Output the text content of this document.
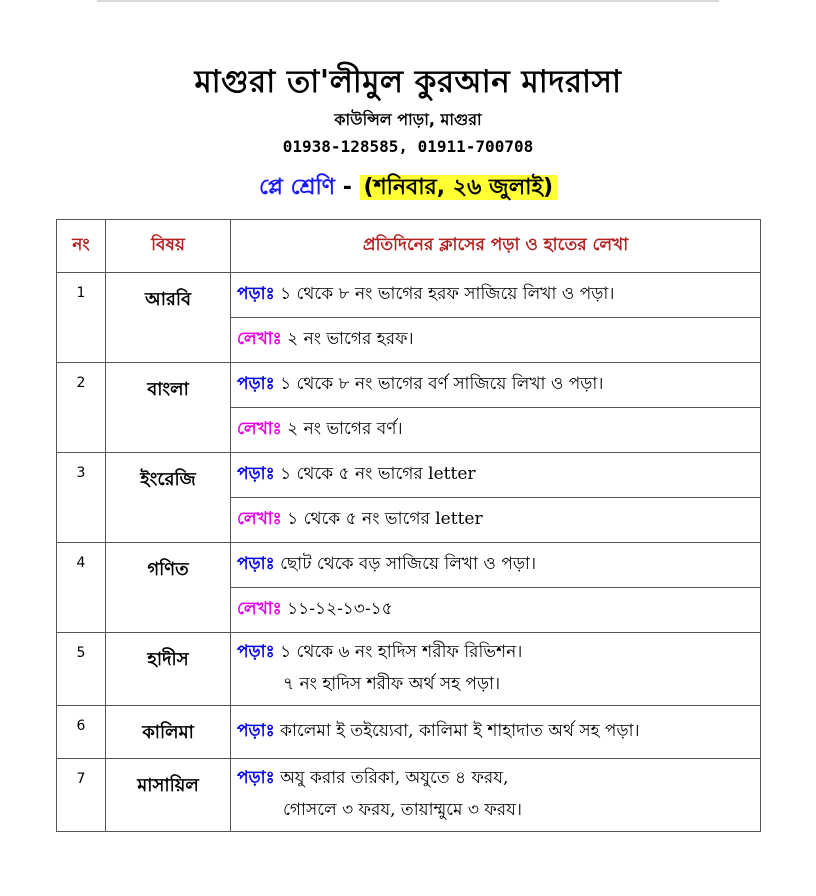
মাগুরা তা'লীমুল কুরআন মাদরাসা
কাউন্সিল পাড়া, মাগুরা
01938-128585, 01911-700708
প্লে শ্রেণি - (শনিবার, ২৬ জুলাই)
নং	বিষয়	প্রতিদিনের ক্লাসের পড়া ও হাতের লেখা
1	আরবি	পড়াঃ ১ থেকে ৮ নং ভাগের হরফ সাজিয়ে লিখা ও পড়া।
		লেখাঃ ২ নং ভাগের হরফ।
2	বাংলা	পড়াঃ ১ থেকে ৮ নং ভাগের বর্ণ সাজিয়ে লিখা ও পড়া।
		লেখাঃ ২ নং ভাগের বর্ণ।
3	ইংরেজি	পড়াঃ ১ থেকে ৫ নং ভাগের letter
		লেখাঃ ১ থেকে ৫ নং ভাগের letter
4	গণিত	পড়াঃ ছোট থেকে বড় সাজিয়ে লিখা ও পড়া।
		লেখাঃ ১১-১২-১৩-১৫
5	হাদীস	পড়াঃ ১ থেকে ৬ নং হাদিস শরীফ রিভিশন।
৭ নং হাদিস শরীফ অর্থ সহ পড়া।

6	কালিমা	পড়াঃ কালেমা ই তইয়্যেবা, কালিমা ই শাহাদাত অর্থ সহ পড়া।
7	মাসায়িল	পড়াঃ অযু করার তরিকা, অযুতে ৪ ফরয,
গোসলে ৩ ফরয, তায়াম্মুমে ৩ ফরয।
